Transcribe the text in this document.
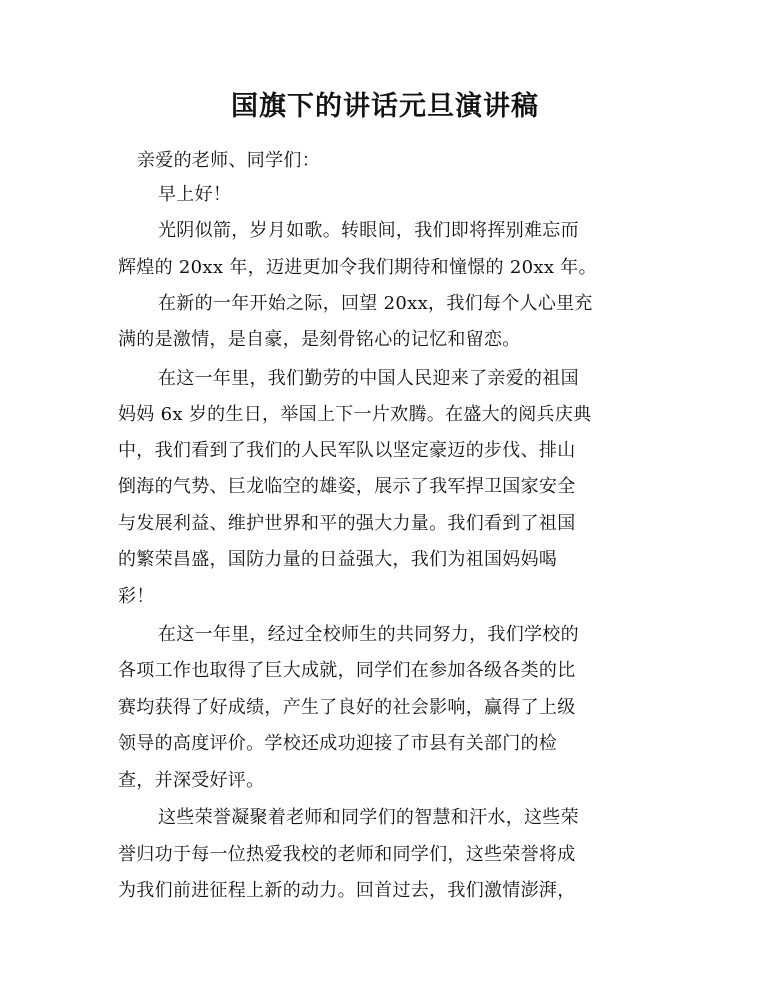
国旗下的讲话元旦演讲稿
亲爱的老师、同学们：
早上好！
光阴似箭，岁月如歌。转眼间，我们即将挥别难忘而
辉煌的 20xx 年，迈进更加令我们期待和憧憬的 20xx 年。
在新的一年开始之际，回望 20xx，我们每个人心里充
满的是激情，是自豪，是刻骨铭心的记忆和留恋。
在这一年里，我们勤劳的中国人民迎来了亲爱的祖国
妈妈 6x 岁的生日，举国上下一片欢腾。在盛大的阅兵庆典
中，我们看到了我们的人民军队以坚定豪迈的步伐、排山
倒海的气势、巨龙临空的雄姿，展示了我军捍卫国家安全
与发展利益、维护世界和平的强大力量。我们看到了祖国
的繁荣昌盛，国防力量的日益强大，我们为祖国妈妈喝
彩！
在这一年里，经过全校师生的共同努力，我们学校的
各项工作也取得了巨大成就，同学们在参加各级各类的比
赛均获得了好成绩，产生了良好的社会影响，赢得了上级
领导的高度评价。学校还成功迎接了市县有关部门的检
查，并深受好评。
这些荣誉凝聚着老师和同学们的智慧和汗水，这些荣
誉归功于每一位热爱我校的老师和同学们，这些荣誉将成
为我们前进征程上新的动力。回首过去，我们激情澎湃，
